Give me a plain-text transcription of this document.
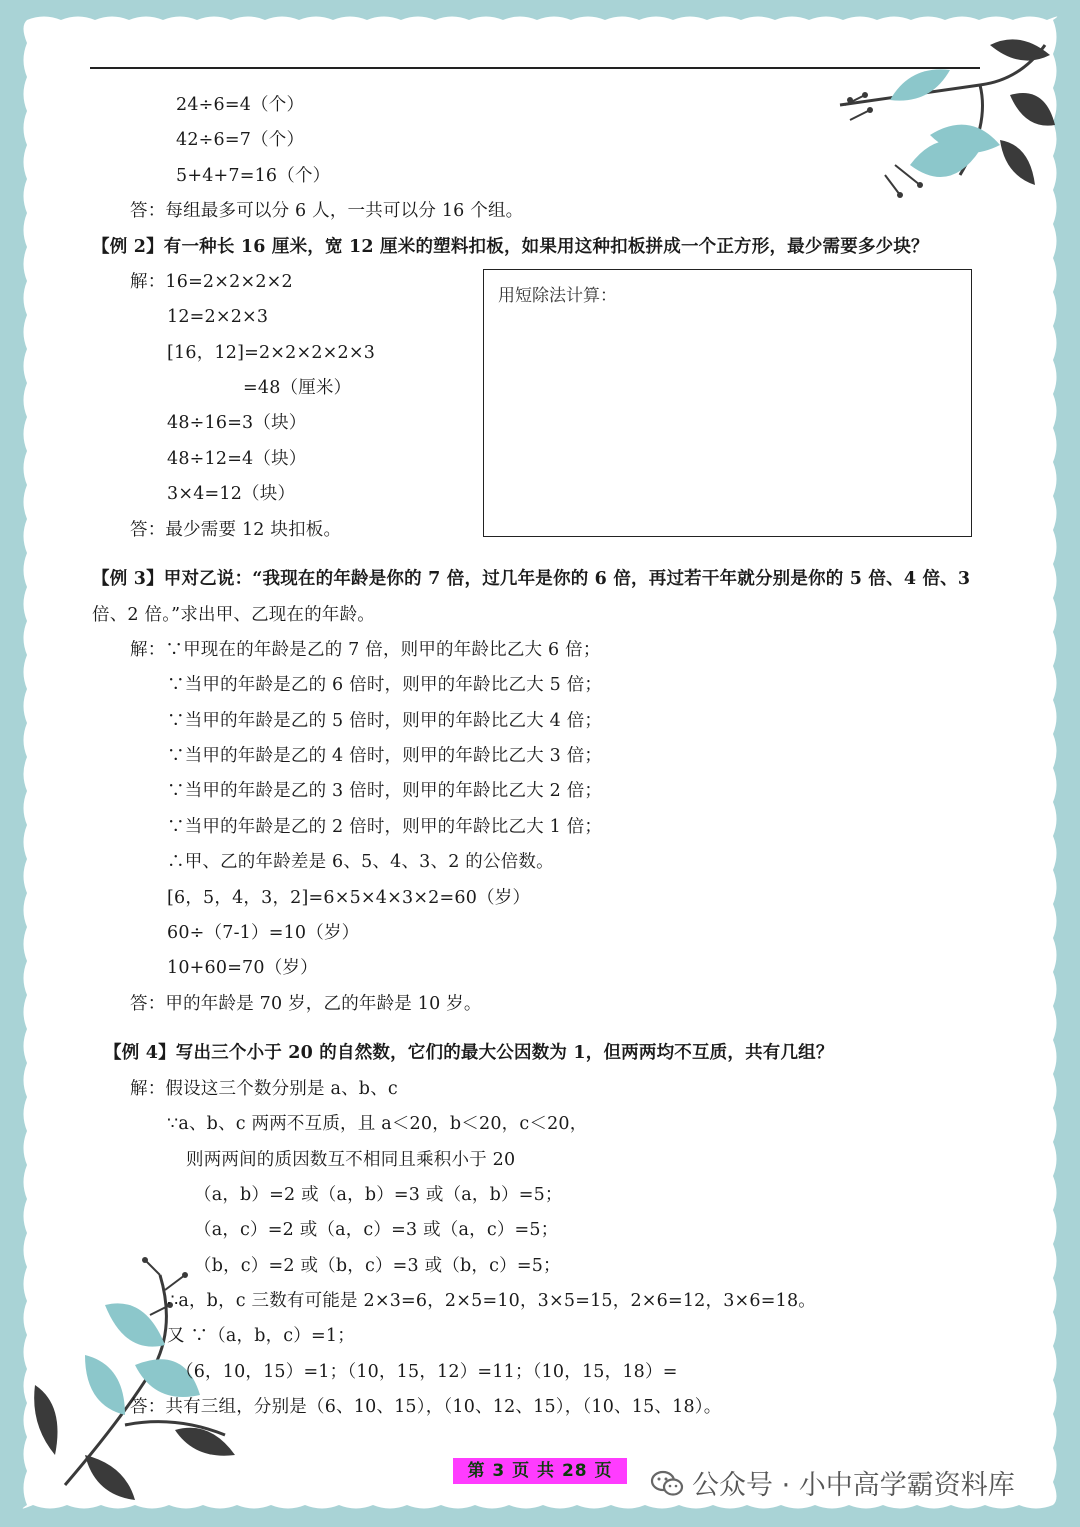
24÷6=4（个）
42÷6=7（个）
5+4+7=16（个）
答：每组最多可以分 6 人，一共可以分 16 个组。
【例 2】有一种长 16 厘米，宽 12 厘米的塑料扣板，如果用这种扣板拼成一个正方形，最少需要多少块？
解：16=2×2×2×2
12=2×2×3
[16，12]=2×2×2×2×3
=48（厘米）
48÷16=3（块）
48÷12=4（块）
3×4=12（块）
答：最少需要 12 块扣板。
用短除法计算：
【例 3】甲对乙说：“我现在的年龄是你的 7 倍，过几年是你的 6 倍，再过若干年就分别是你的 5 倍、4 倍、3
倍、2 倍。”求出甲、乙现在的年龄。
解：∵甲现在的年龄是乙的 7 倍，则甲的年龄比乙大 6 倍；
∵当甲的年龄是乙的 6 倍时，则甲的年龄比乙大 5 倍；
∵当甲的年龄是乙的 5 倍时，则甲的年龄比乙大 4 倍；
∵当甲的年龄是乙的 4 倍时，则甲的年龄比乙大 3 倍；
∵当甲的年龄是乙的 3 倍时，则甲的年龄比乙大 2 倍；
∵当甲的年龄是乙的 2 倍时，则甲的年龄比乙大 1 倍；
∴甲、乙的年龄差是 6、5、4、3、2 的公倍数。
[6，5，4，3，2]=6×5×4×3×2=60（岁）
60÷（7-1）=10（岁）
10+60=70（岁）
答：甲的年龄是 70 岁，乙的年龄是 10 岁。
【例 4】写出三个小于 20 的自然数，它们的最大公因数为 1，但两两均不互质，共有几组？
解：假设这三个数分别是 a、b、c
∵a、b、c 两两不互质，且 a＜20，b＜20，c＜20，
则两两间的质因数互不相同且乘积小于 20
（a，b）=2 或（a，b）=3 或（a，b）=5；
（a，c）=2 或（a，c）=3 或（a，c）=5；
（b，c）=2 或（b，c）=3 或（b，c）=5；
∴a，b，c 三数有可能是 2×3=6，2×5=10，3×5=15，2×6=12，3×6=18。
又 ∵（a，b，c）=1；
（6，10，15）=1；（10，15，12）=11；（10，15，18）=
答：共有三组，分别是（6、10、15），（10、12、15），（10、15、18）。
第 3 页 共 28 页	公众号 · 小中高学霸资料库
